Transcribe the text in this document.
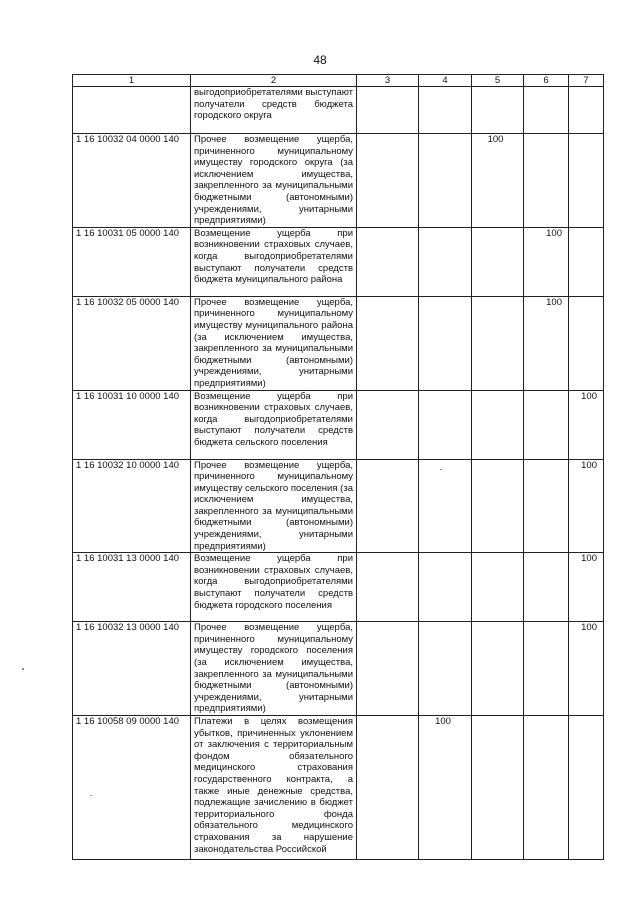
48
1	2	3	4	5	6	7
	выгодоприобретателями выступают получатели средств бюджета городского округа					
1 16 10032 04 0000 140	Прочее возмещение ущерба, причиненного муниципальному имуществу городского округа (за исключением имущества, закрепленного за муниципальными бюджетными (автономными) учреждениями, унитарными предприятиями)			100		
1 16 10031 05 0000 140	Возмещение ущерба при возникновении страховых случаев, когда выгодоприобретателями выступают получатели средств бюджета муниципального района				100	
1 16 10032 05 0000 140	Прочее возмещение ущерба, причиненного муниципальному имуществу муниципального района (за исключением имущества, закрепленного за муниципальными бюджетными (автономными) учреждениями, унитарными предприятиями)				100	
1 16 10031 10 0000 140	Возмещение ущерба при возникновении страховых случаев, когда выгодоприобретателями выступают получатели средств бюджета сельского поселения					100
1 16 10032 10 0000 140	Прочее возмещение ущерба, причиненного муниципальному имуществу сельского поселения (за исключением имущества, закрепленного за муниципальными бюджетными (автономными) учреждениями, унитарными предприятиями)					100
1 16 10031 13 0000 140	Возмещение ущерба при возникновении страховых случаев, когда выгодоприобретателями выступают получатели средств бюджета городского поселения					100
1 16 10032 13 0000 140	Прочее возмещение ущерба, причиненного муниципальному имуществу городского поселения (за исключением имущества, закрепленного за муниципальными бюджетными (автономными) учреждениями, унитарными предприятиями)					100
1 16 10058 09 0000 140	Платежи в целях возмещения убытков, причиненных уклонением от заключения с территориальным фондом обязательного медицинского страхования государственного контракта, а также иные денежные средства, подлежащие зачислению в бюджет территориального фонда обязательного медицинского страхования за нарушение законодательства Российской		100			
